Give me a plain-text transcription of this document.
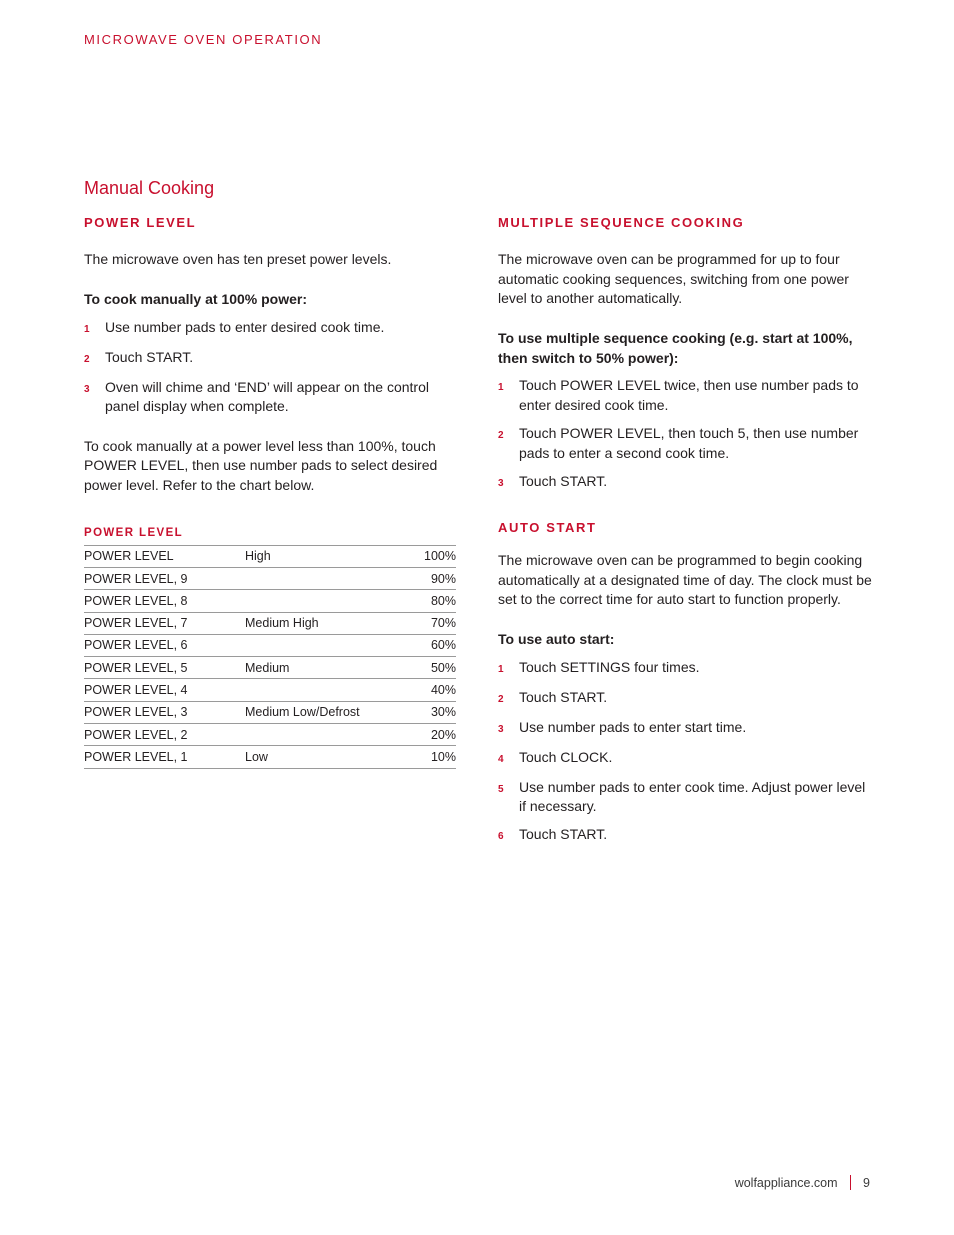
MICROWAVE OVEN OPERATION
Manual Cooking
POWER LEVEL

The microwave oven has ten preset power levels.

To cook manually at 100% power:

1	Use number pads to enter desired cook time.
2	Touch START.
3	Oven will chime and ‘END’ will appear on the control panel display when complete.

To cook manually at a power level less than 100%, touch POWER LEVEL, then use number pads to select desired power level. Refer to the chart below.

POWER LEVEL
POWER LEVEL	High	100%
POWER LEVEL, 9		90%
POWER LEVEL, 8		80%
POWER LEVEL, 7	Medium High	70%
POWER LEVEL, 6		60%
POWER LEVEL, 5	Medium	50%
POWER LEVEL, 4		40%
POWER LEVEL, 3	Medium Low/Defrost	30%
POWER LEVEL, 2		20%
POWER LEVEL, 1	Low	10%
MULTIPLE SEQUENCE COOKING

The microwave oven can be programmed for up to four automatic cooking sequences, switching from one power level to another automatically.

To use multiple sequence cooking (e.g. start at 100%, then switch to 50% power):

1	Touch POWER LEVEL twice, then use number pads to enter desired cook time.
2	Touch POWER LEVEL, then touch 5, then use number pads to enter a second cook time.
3	Touch START.
AUTO START

The microwave oven can be programmed to begin cooking automatically at a designated time of day. The clock must be set to the correct time for auto start to function properly.

To use auto start:

1	Touch SETTINGS four times.
2	Touch START.
3	Use number pads to enter start time.
4	Touch CLOCK.
5	Use number pads to enter cook time. Adjust power level if necessary.
6	Touch START.
wolfappliance.com 9
